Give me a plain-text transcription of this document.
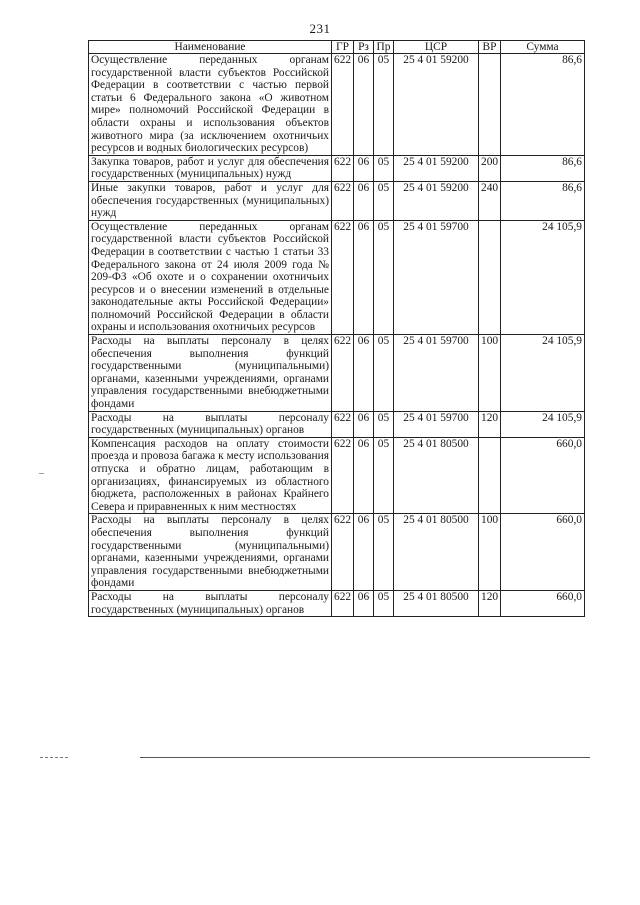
231
Наименование	ГР	Рз	Пр	ЦСР	ВР	Сумма
Осуществление переданных органам государственной власти субъектов Российской Федерации в соответствии с частью первой статьи 6 Федерального закона «О животном мире» полномочий Российской Федерации в области охраны и использования объектов животного мира (за исключением охотничьих ресурсов и водных биологических ресурсов)	622	06	05	25 4 01 59200		86,6
Закупка товаров, работ и услуг для обеспечения государственных (муниципальных) нужд	622	06	05	25 4 01 59200	200	86,6
Иные закупки товаров, работ и услуг для обеспечения государственных (муниципальных) нужд	622	06	05	25 4 01 59200	240	86,6
Осуществление переданных органам государственной власти субъектов Российской Федерации в соответствии с частью 1 статьи 33 Федерального закона от 24 июля 2009 года № 209-ФЗ «Об охоте и о сохранении охотничьих ресурсов и о внесении изменений в отдельные законодательные акты Российской Федерации» полномочий Российской Федерации в области охраны и использования охотничьих ресурсов	622	06	05	25 4 01 59700		24 105,9
Расходы на выплаты персоналу в целях обеспечения выполнения функций государственными (муниципальными) органами, казенными учреждениями, органами управления государственными внебюджетными фондами	622	06	05	25 4 01 59700	100	24 105,9
Расходы на выплаты персоналу государственных (муниципальных) органов	622	06	05	25 4 01 59700	120	24 105,9
Компенсация расходов на оплату стоимости проезда и провоза багажа к месту использования отпуска и обратно лицам, работающим в организациях, финансируемых из областного бюджета, расположенных в районах Крайнего Севера и приравненных к ним местностях	622	06	05	25 4 01 80500		660,0
Расходы на выплаты персоналу в целях обеспечения выполнения функций государственными (муниципальными) органами, казенными учреждениями, органами управления государственными внебюджетными фондами	622	06	05	25 4 01 80500	100	660,0
Расходы на выплаты персоналу государственных (муниципальных) органов	622	06	05	25 4 01 80500	120	660,0
–
